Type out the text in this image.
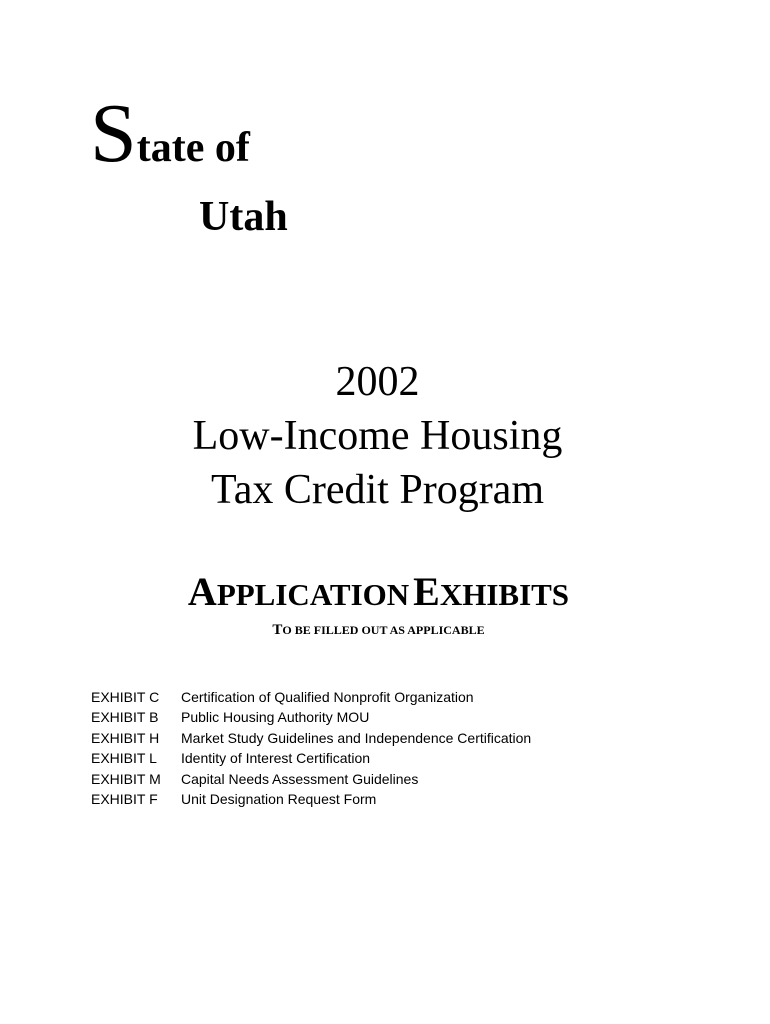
State of
Utah
2002
Low-Income Housing
Tax Credit Program
APPLICATION EXHIBITS
TO BE FILLED OUT AS APPLICABLE
EXHIBIT C	Certification of Qualified Nonprofit Organization
EXHIBIT B	Public Housing Authority MOU
EXHIBIT H	Market Study Guidelines and Independence Certification
EXHIBIT L	Identity of Interest Certification
EXHIBIT M	Capital Needs Assessment Guidelines
EXHIBIT F	Unit Designation Request Form
